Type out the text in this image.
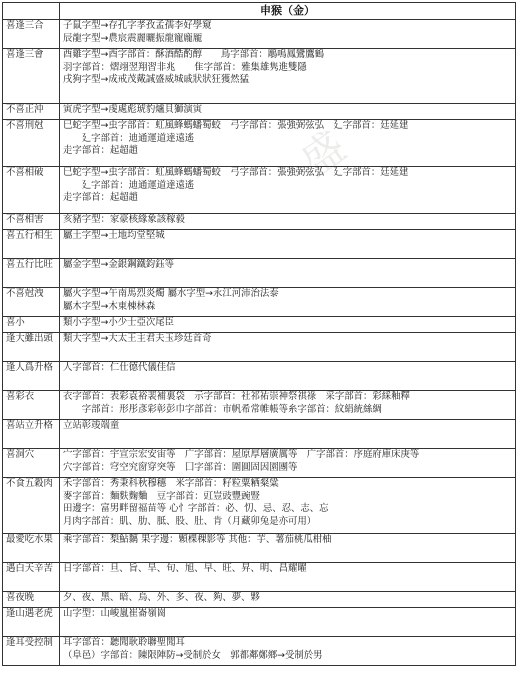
	申猴（金）
喜逢三合	子鼠字型→存孔字孝孜孟孺李好學窺
辰龍字型→農宸震麗曬振龍寵龐龎

喜逢三會	酉雞字型→酉字部首：酥酒酷酌醇　　鳥字部首：鵰鳴鳳鸞鷹鶴
羽字部首：熠翊翌翔習非兆　　隹字部首：雅集雄隽進雙隱
戌狗字型→成戒茂戴誠盛威城戚狀狀狂獲然猛

不喜正沖	寅虎字型→虔處彪琥豹爐貝獅演寅

不喜刑尅	巳蛇字型→虫字部首：虹風蜂螞蟠蜀蛟　弓字部首：張強弼弦弘　廴字部首：廷延建
　　廴字部首：迪通運道達遠遙
走字部首：起超趙

不喜相破	巳蛇字型→虫字部首：虹風蜂螞蟠蜀蛟　弓字部首：張強弼弦弘　廴字部首：廷延建
　　廴字部首：迪通運道達遠遙
走字部首：起超趙

不喜相害	亥豬字型：家豪核緣象該稼毅

喜五行相生	屬土字型→土地均堂堅城

喜五行比旺	屬金字型→金銀鋼鐵鈞鈺等

不喜尅洩	屬火字型→午南馬烈炎燭 屬水字型→永江河沛治法泰
屬木字型→木東棟林森

喜小	類小字型→小少士亞次尾臣

逢大雖出頭	類大字型→大太王主君夫玉珍廷首奇

逢人爲升格	人字部首：仁仕德代儀佳信

喜彩衣	衣字部首：表彩袁裕裴補裏袋　示字部首：社祁祐崇神祭祺祿　采字部首：彩綵釉釋
　　字部首：形彤彥彩彰彭巾字部首：市帆希常帷帳等糸字部首：紋絹統絲綢

喜站立升格	立站彰竣端童

喜洞穴	宀字部首：宇宣宗宏安宙等　广字部首：屋原厚層廣厲等　广字部首：序庭府庫床庚等
穴字部首：穹空究窗穿突等　囗字部首：圍圓固因園團等

不食五穀肉	禾字部首：秀秉科秋穆穗　米字部首：籽粒粟粞粲粱
麥字部首：麵麩麴麯　豆字部首：豇豈豉豐豌豎
田邊字：富男畔留福苗等 心忄字部首：必、忉、忌、忍、志、忘
月肉字部首：肌、肋、胝、股、肚、肯（月藏卯兔是亦可用）

最愛吃水果	乘字部首：梨鮎黐 果字邊：顆棵稞影等 其他：芋、薯茄桃瓜柑柚

遇白天辛苦	日字部首：旦、旨、旱、旬、旭、早、旺、昇、明、昌耀曜

喜夜晚	夕、夜、黑、暗、烏、外、多、夜、夠、夢、夥

逢山遇老虎	山字型：山峻嵐崔崙嶺崗

逢耳受控制	耳字部首：聽聞耿聆聯聖聞耳
（阜邑）字部首：陳限陣防→受制於女　郭都鄰鄭鄉→受制於男
盛
